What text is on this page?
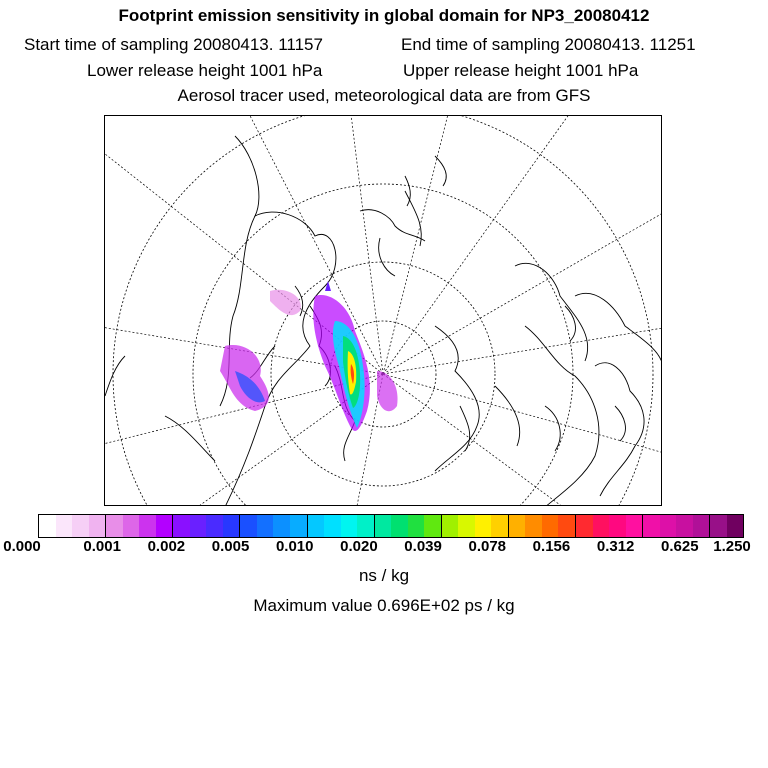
Footprint emission sensitivity in global domain for NP3_20080412
Start time of sampling 20080413. 11157	End time of sampling 20080413. 11251
Lower release height 1001 hPa	Upper release height 1001 hPa
Aerosol tracer used, meteorological data are from GFS
0.000	0.001 0.002 0.005 0.010 0.020 0.039 0.078 0.156 0.312 0.625 1.250
ns / kg
Maximum value 0.696E+02 ps / kg
